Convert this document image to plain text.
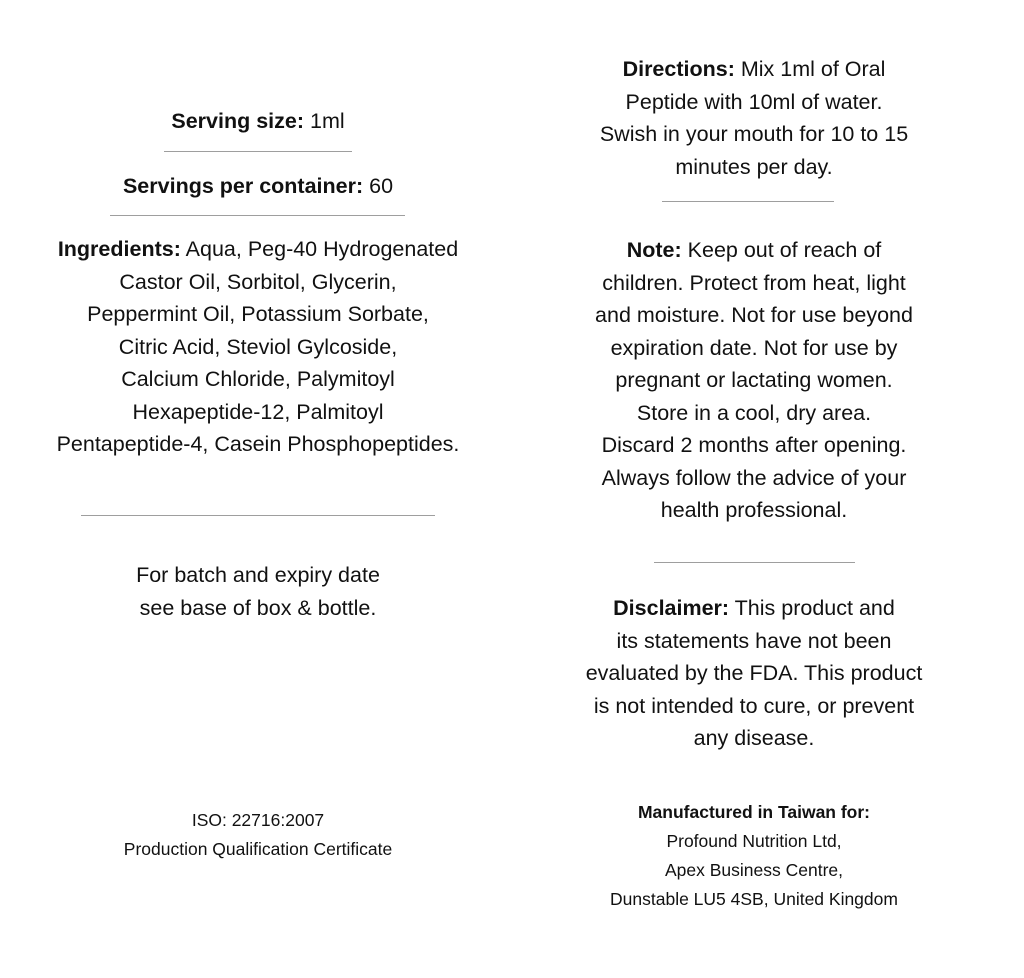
Serving size: 1ml
Servings per container: 60
Ingredients: Aqua, Peg-40 Hydrogenated
Castor Oil, Sorbitol, Glycerin,
Peppermint Oil, Potassium Sorbate,
Citric Acid, Steviol Gylcoside,
Calcium Chloride, Palymitoyl
Hexapeptide-12, Palmitoyl
Pentapeptide-4, Casein Phosphopeptides.
For batch and expiry date
see base of box & bottle.
ISO: 22716:2007
Production Qualification Certificate
Directions: Mix 1ml of Oral
Peptide with 10ml of water.
Swish in your mouth for 10 to 15
minutes per day.
Note: Keep out of reach of
children. Protect from heat, light
and moisture. Not for use beyond
expiration date. Not for use by
pregnant or lactating women.
Store in a cool, dry area.
Discard 2 months after opening.
Always follow the advice of your
health professional.
Disclaimer: This product and
its statements have not been
evaluated by the FDA. This product
is not intended to cure, or prevent
any disease.
Manufactured in Taiwan for:
Profound Nutrition Ltd,
Apex Business Centre,
Dunstable LU5 4SB, United Kingdom
